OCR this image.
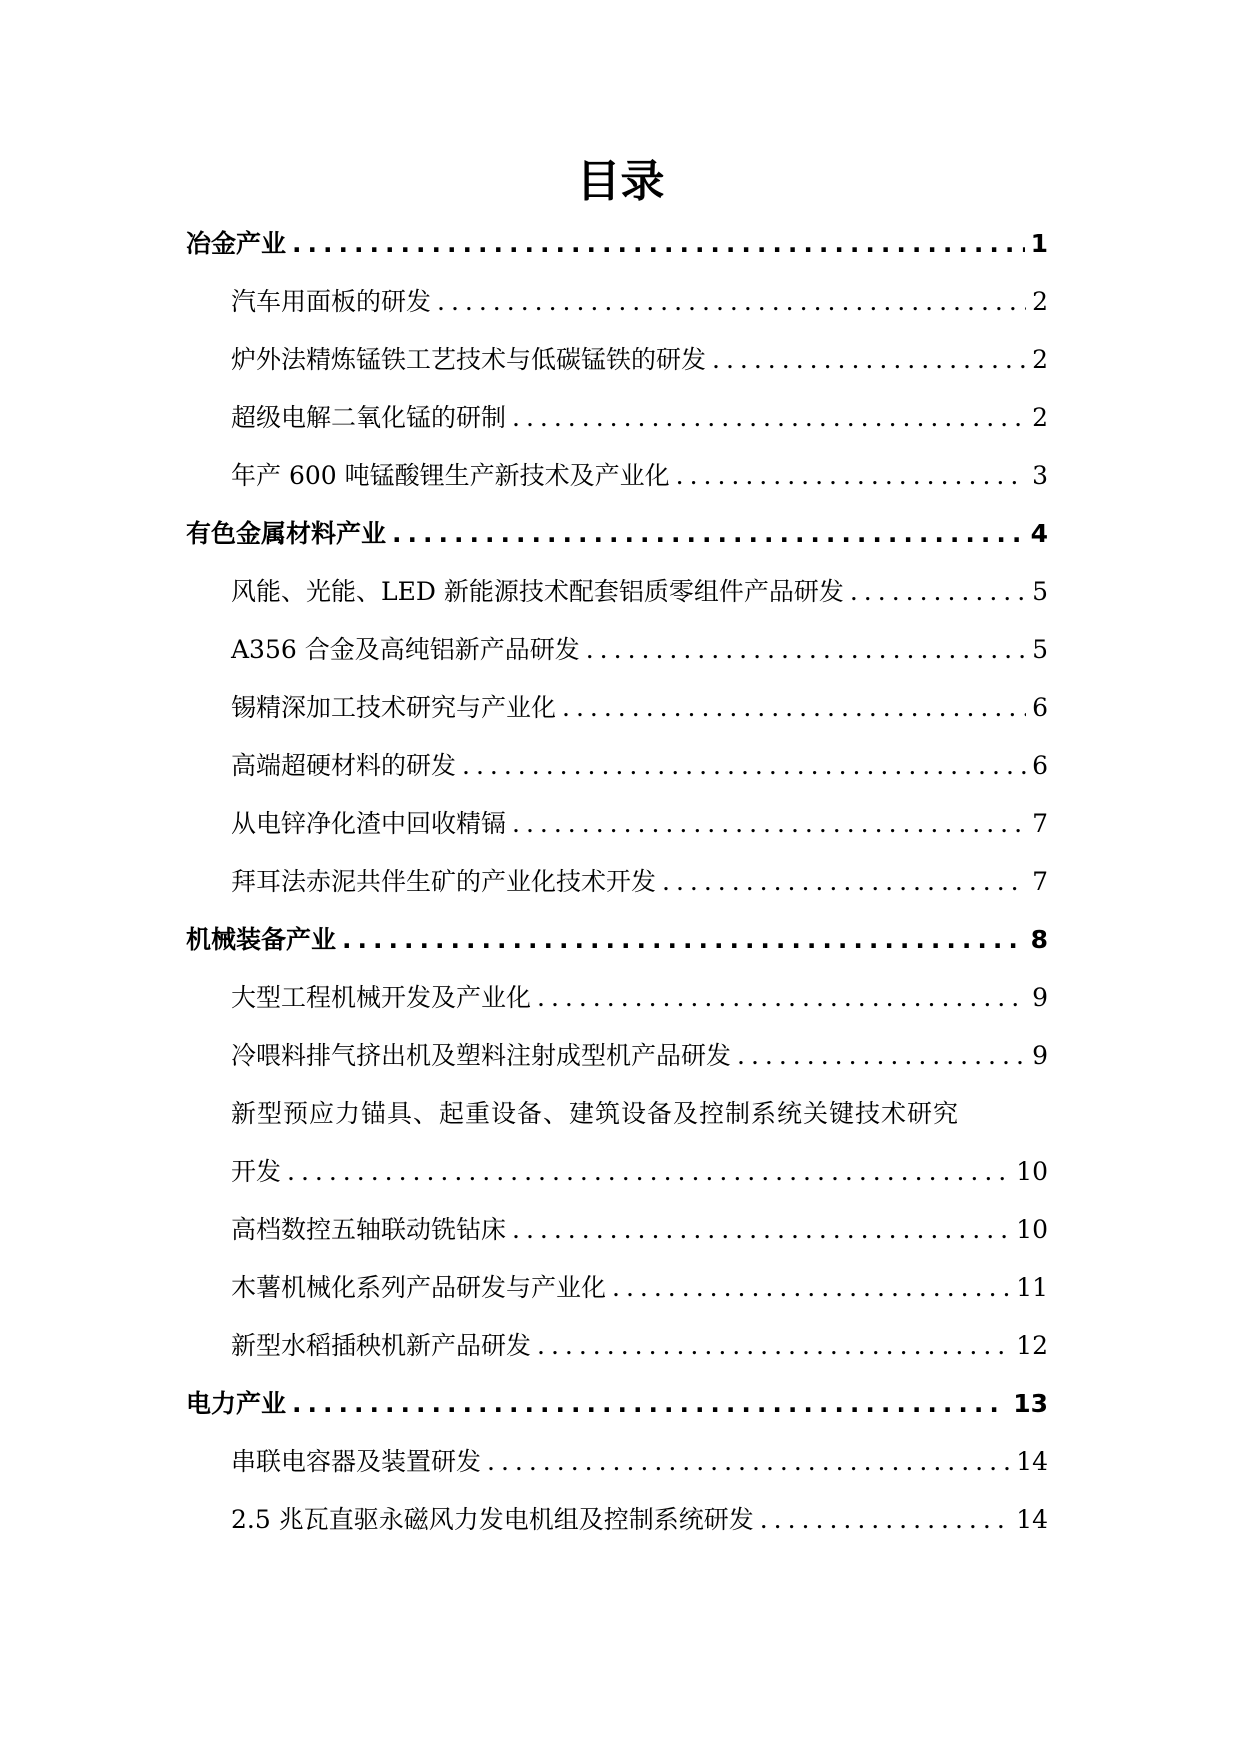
目录
冶金产业 .....	1
汽车用面板的研发 .....	2
炉外法精炼锰铁工艺技术与低碳锰铁的研发 .....	2
超级电解二氧化锰的研制 .....	2
年产 600 吨锰酸锂生产新技术及产业化 .....	3
有色金属材料产业 .....	4
风能、光能、LED 新能源技术配套铝质零组件产品研发 .....	5
A356 合金及高纯铝新产品研发 .....	5
锡精深加工技术研究与产业化 .....	6
高端超硬材料的研发 .....	6
从电锌净化渣中回收精镉 .....	7
拜耳法赤泥共伴生矿的产业化技术开发 .....	7
机械装备产业 .....	8
大型工程机械开发及产业化 .....	9
冷喂料排气挤出机及塑料注射成型机产品研发 .....	9
新型预应力锚具、起重设备、建筑设备及控制系统关键技术研究
开发 .....	10
高档数控五轴联动铣钻床 .....	10
木薯机械化系列产品研发与产业化 .....	11
新型水稻插秧机新产品研发 .....	12
电力产业 .....	13
串联电容器及装置研发 .....	14
2.5 兆瓦直驱永磁风力发电机组及控制系统研发 .....	14
